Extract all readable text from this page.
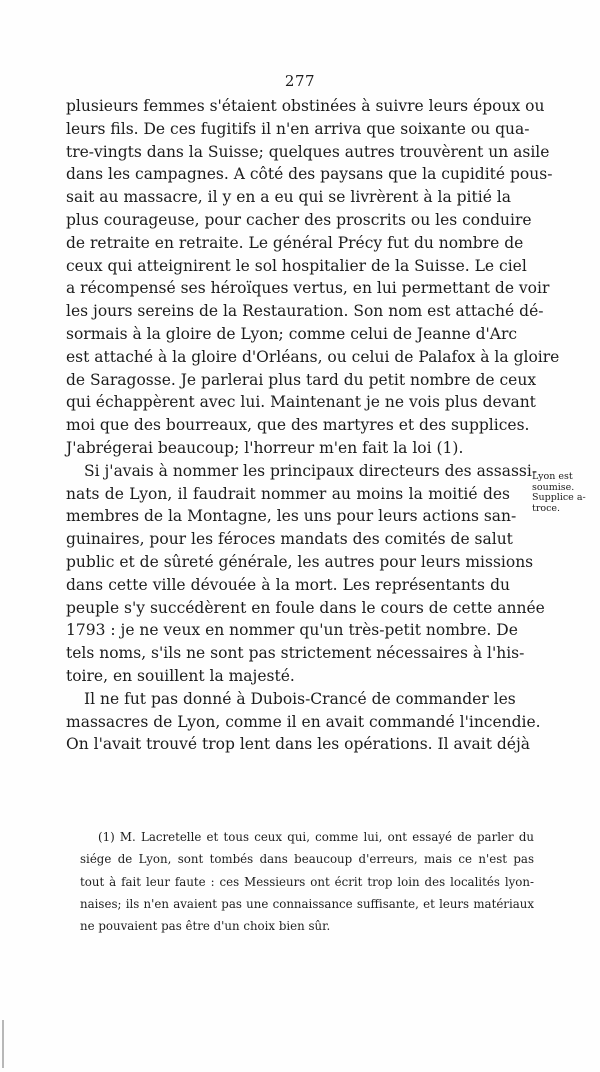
277
plusieurs femmes s'étaient obstinées à suivre leurs époux ou
leurs fils. De ces fugitifs il n'en arriva que soixante ou qua-
tre-vingts dans la Suisse; quelques autres trouvèrent un asile
dans les campagnes. A côté des paysans que la cupidité pous-
sait au massacre, il y en a eu qui se livrèrent à la pitié la
plus courageuse, pour cacher des proscrits ou les conduire
de retraite en retraite. Le général Précy fut du nombre de
ceux qui atteignirent le sol hospitalier de la Suisse. Le ciel
a récompensé ses héroïques vertus, en lui permettant de voir
les jours sereins de la Restauration. Son nom est attaché dé-
sormais à la gloire de Lyon; comme celui de Jeanne d'Arc
est attaché à la gloire d'Orléans, ou celui de Palafox à la gloire
de Saragosse. Je parlerai plus tard du petit nombre de ceux
qui échappèrent avec lui. Maintenant je ne vois plus devant
moi que des bourreaux, que des martyres et des supplices.
J'abrégerai beaucoup; l'horreur m'en fait la loi (1).
Si j'avais à nommer les principaux directeurs des assassi-
nats de Lyon, il faudrait nommer au moins la moitié des
membres de la Montagne, les uns pour leurs actions san-
guinaires, pour les féroces mandats des comités de salut
public et de sûreté générale, les autres pour leurs missions
dans cette ville dévouée à la mort. Les représentants du
peuple s'y succédèrent en foule dans le cours de cette année
1793 : je ne veux en nommer qu'un très-petit nombre. De
tels noms, s'ils ne sont pas strictement nécessaires à l'his-
toire, en souillent la majesté.
Il ne fut pas donné à Dubois-Crancé de commander les
massacres de Lyon, comme il en avait commandé l'incendie.
On l'avait trouvé trop lent dans les opérations. Il avait déjà
Lyon est
soumise.
Supplice a-
troce.
(1) M. Lacretelle et tous ceux qui, comme lui, ont essayé de parler du
siége de Lyon, sont tombés dans beaucoup d'erreurs, mais ce n'est pas
tout à fait leur faute : ces Messieurs ont écrit trop loin des localités lyon-
naises; ils n'en avaient pas une connaissance suffisante, et leurs matériaux
ne pouvaient pas être d'un choix bien sûr.
